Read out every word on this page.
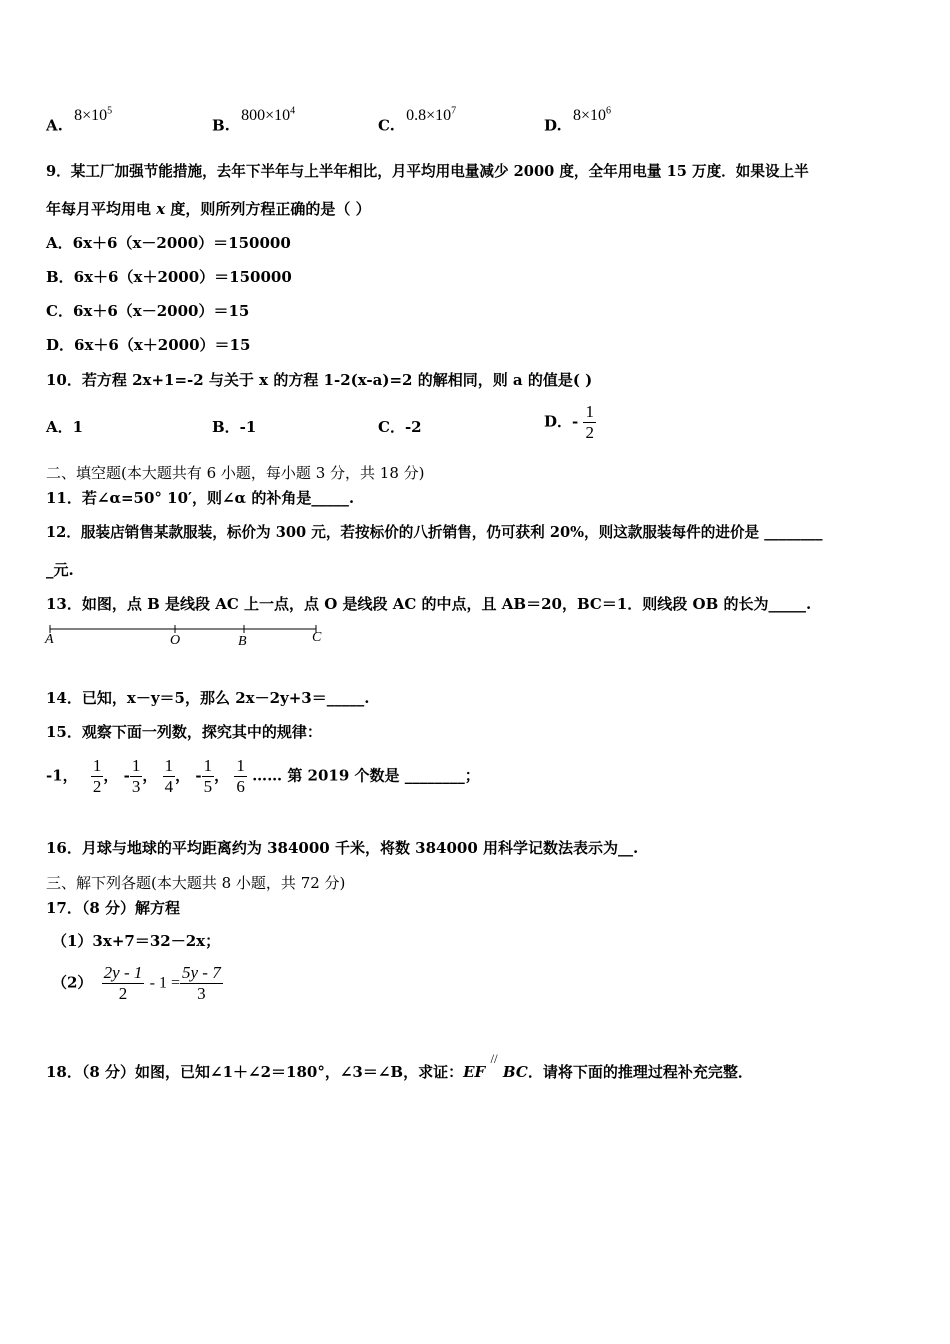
A. $8\times 10^5$
B. $800\times 10^4$
C. $0.8\times 10^7$
D. $8\times 10^6$
9．某工厂加强节能措施，去年下半年与上半年相比，月平均用电量减少 2000 度，全年用电量 15 万度．如果设上半
年每月平均用电 x 度，则所列方程正确的是（ ）
A．6x＋6（x－2000）＝150000
B．6x＋6（x＋2000）＝150000
C．6x＋6（x－2000）＝15
D．6x＋6（x＋2000）＝15
10．若方程 2x+1=-2 与关于 x 的方程 1-2(x-a)=2 的解相同，则 a 的值是( )
A．1	B．-1	C．-2	D．- $\frac{1}{2}$
二、填空题(本大题共有 6 小题，每小题 3 分，共 18 分)
11．若∠α=50° 10′，则∠α 的补角是_____.
12．服装店销售某款服装，标价为 300 元，若按标价的八折销售，仍可获利 20%，则这款服装每件的进价是 ________
_元.
13．如图，点 B 是线段 AC 上一点，点 O 是线段 AC 的中点，且 AB＝20，BC＝1．则线段 OB 的长为_____.
A	O	B	C
14．已知，x－y＝5，那么 2x－2y+3＝_____.
15．观察下面一列数，探究其中的规律：
-1， $\frac{1}{2}$ ， - $\frac{1}{3}$ ， $\frac{1}{4}$ ， - $\frac{1}{5}$ ， $\frac{1}{6}$ …… 第 2019 个数是 ________；
16．月球与地球的平均距离约为 384000 千米，将数 384000 用科学记数法表示为__.
三、解下列各题(本大题共 8 小题，共 72 分)
17．（8 分）解方程
（1）3x+7＝32－2x；
$(2) \frac{2y - 1}{2} - 1 = \frac{5y - 7}{3}$
18．（8 分）如图，已知∠1＋∠2＝180°，∠3＝∠B，求证：EF // BC．请将下面的推理过程补充完整．
